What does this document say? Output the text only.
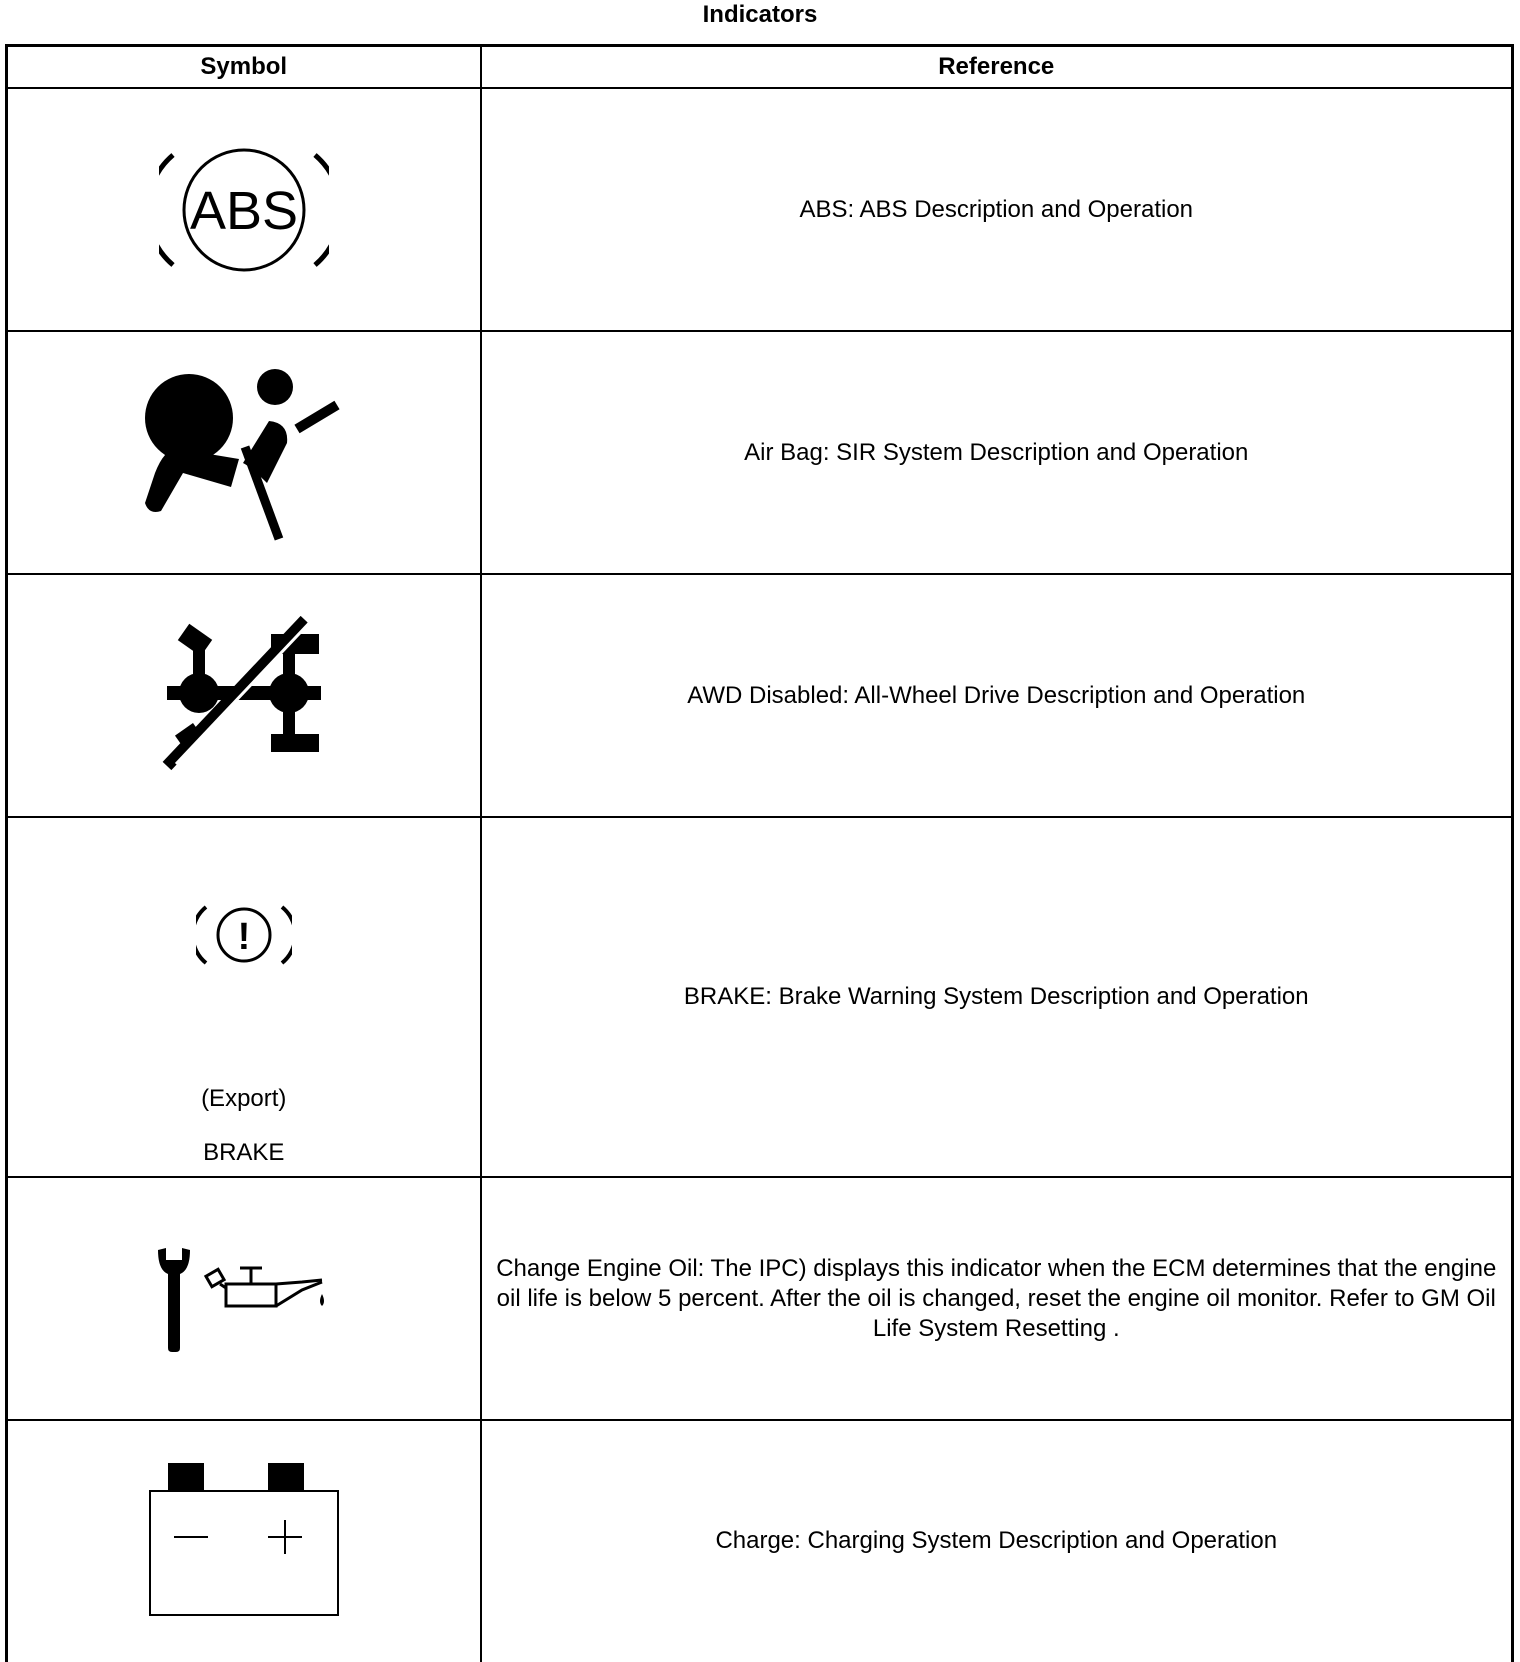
Indicators
Symbol	Reference

ABS	ABS: ABS Description and Operation

	Air Bag: SIR System Description and Operation

	AWD Disabled: All-Wheel Drive Description and Operation

!
(Export)
BRAKE	BRAKE: Brake Warning System Description and Operation

	Change Engine Oil: The IPC) displays this indicator when the ECM determines that the engine oil life is below 5 percent. After the oil is changed, reset the engine oil monitor. Refer to GM Oil Life System Resetting .

	Charge: Charging System Description and Operation
